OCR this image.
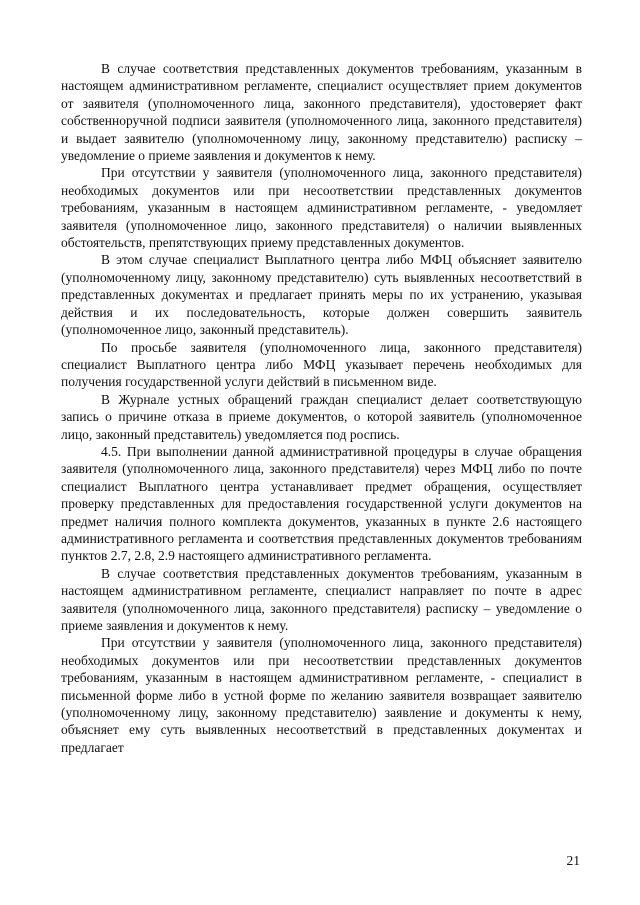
В случае соответствия представленных документов требованиям, указанным в настоящем административном регламенте, специалист осуществляет прием документов от заявителя (уполномоченного лица, законного представителя), удостоверяет факт собственноручной подписи заявителя (уполномоченного лица, законного представителя) и выдает заявителю (уполномоченному лицу, законному представителю) расписку – уведомление о приеме заявления и документов к нему.

При отсутствии у заявителя (уполномоченного лица, законного представителя) необходимых документов или при несоответствии представленных документов требованиям, указанным в настоящем административном регламенте, - уведомляет заявителя (уполномоченное лицо, законного представителя) о наличии выявленных обстоятельств, препятствующих приему представленных документов.

В этом случае специалист Выплатного центра либо МФЦ объясняет заявителю (уполномоченному лицу, законному представителю) суть выявленных несоответствий в представленных документах и предлагает принять меры по их устранению, указывая действия и их последовательность, которые должен совершить заявитель (уполномоченное лицо, законный представитель).

По просьбе заявителя (уполномоченного лица, законного представителя) специалист Выплатного центра либо МФЦ указывает перечень необходимых для получения государственной услуги действий в письменном виде.

В Журнале устных обращений граждан специалист делает соответствующую запись о причине отказа в приеме документов, о которой заявитель (уполномоченное лицо, законный представитель) уведомляется под роспись.

4.5. При выполнении данной административной процедуры в случае обращения заявителя (уполномоченного лица, законного представителя) через МФЦ либо по почте специалист Выплатного центра устанавливает предмет обращения, осуществляет проверку представленных для предоставления государственной услуги документов на предмет наличия полного комплекта документов, указанных в пункте 2.6 настоящего административного регламента и соответствия представленных документов требованиям пунктов 2.7, 2.8, 2.9 настоящего административного регламента.

В случае соответствия представленных документов требованиям, указанным в настоящем административном регламенте, специалист направляет по почте в адрес заявителя (уполномоченного лица, законного представителя) расписку – уведомление о приеме заявления и документов к нему.

При отсутствии у заявителя (уполномоченного лица, законного представителя) необходимых документов или при несоответствии представленных документов требованиям, указанным в настоящем административном регламенте, - специалист в письменной форме либо в устной форме по желанию заявителя возвращает заявителю (уполномоченному лицу, законному представителю) заявление и документы к нему, объясняет ему суть выявленных несоответствий в представленных документах и предлагает

21
